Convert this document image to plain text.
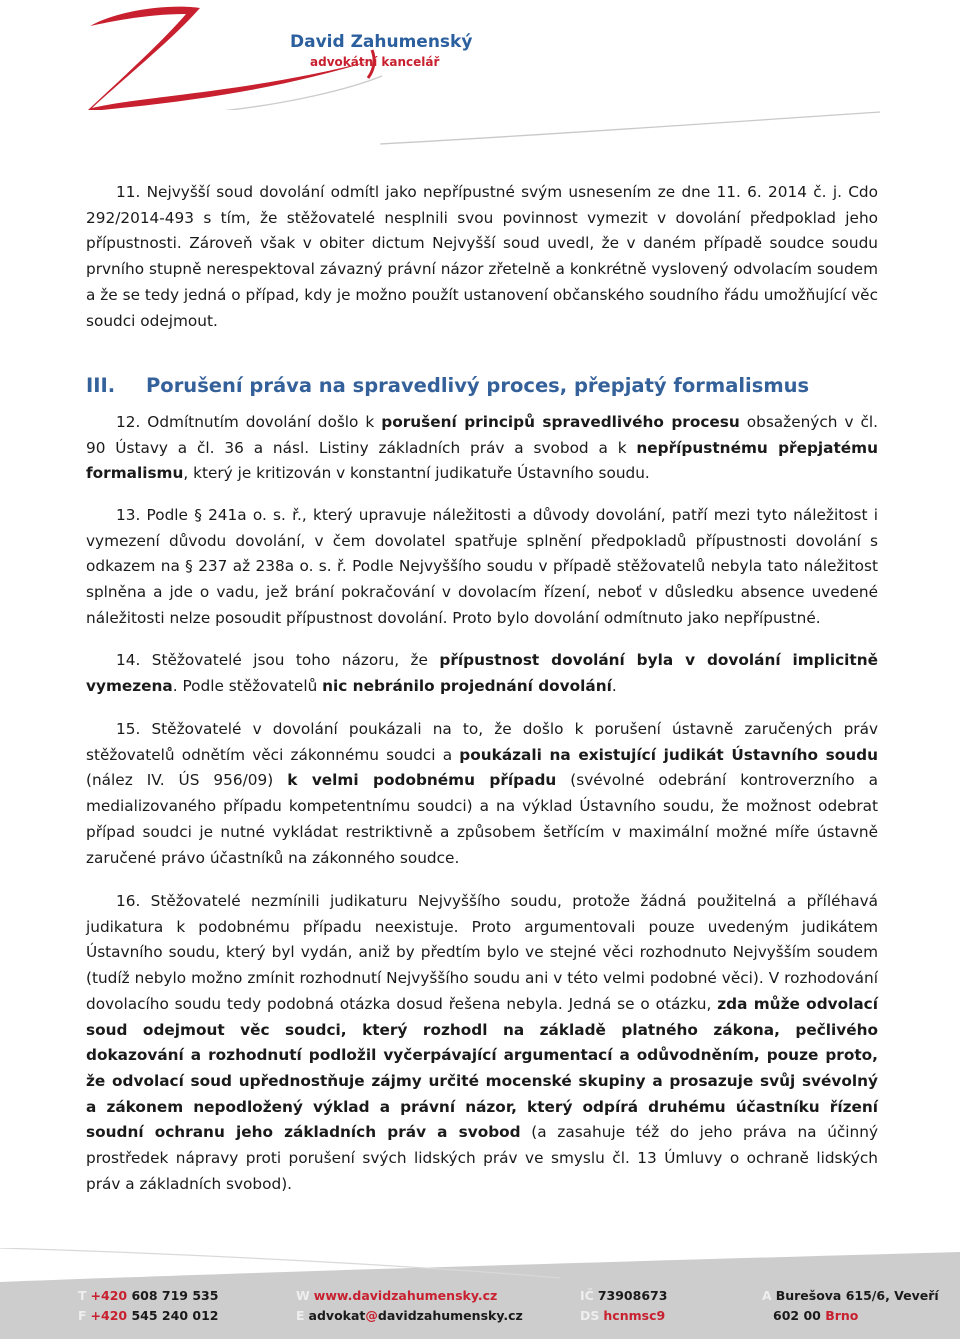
David Zahumenský
advokátní kancelář

11. Nejvyšší soud dovolání odmítl jako nepřípustné svým usnesením ze dne 11. 6. 2014 č. j. Cdo 292/2014-493 s tím, že stěžovatelé nesplnili svou povinnost vymezit v dovolání předpoklad jeho přípustnosti. Zároveň však v obiter dictum Nejvyšší soud uvedl, že v daném případě soudce soudu prvního stupně nerespektoval závazný právní názor zřetelně a konkrétně vyslovený odvolacím soudem a že se tedy jedná o případ, kdy je možno použít ustanovení občanského soudního řádu umožňující věc soudci odejmout.

III. Porušení práva na spravedlivý proces, přepjatý formalismus

12. Odmítnutím dovolání došlo k porušení principů spravedlivého procesu obsažených v čl. 90 Ústavy a čl. 36 a násl. Listiny základních práv a svobod a k nepřípustnému přepjatému formalismu, který je kritizován v konstantní judikatuře Ústavního soudu.

13. Podle § 241a o. s. ř., který upravuje náležitosti a důvody dovolání, patří mezi tyto náležitost i vymezení důvodu dovolání, v čem dovolatel spatřuje splnění předpokladů přípustnosti dovolání s odkazem na § 237 až 238a o. s. ř. Podle Nejvyššího soudu v případě stěžovatelů nebyla tato náležitost splněna a jde o vadu, jež brání pokračování v dovolacím řízení, neboť v důsledku absence uvedené náležitosti nelze posoudit přípustnost dovolání. Proto bylo dovolání odmítnuto jako nepřípustné.

14. Stěžovatelé jsou toho názoru, že přípustnost dovolání byla v dovolání implicitně vymezena. Podle stěžovatelů nic nebránilo projednání dovolání.

15. Stěžovatelé v dovolání poukázali na to, že došlo k porušení ústavně zaručených práv stěžovatelů odnětím věci zákonnému soudci a poukázali na existující judikát Ústavního soudu (nález IV. ÚS 956/09) k velmi podobnému případu (svévolné odebrání kontroverzního a medializovaného případu kompetentnímu soudci) a na výklad Ústavního soudu, že možnost odebrat případ soudci je nutné vykládat restriktivně a způsobem šetřícím v maximální možné míře ústavně zaručené právo účastníků na zákonného soudce.

16. Stěžovatelé nezmínili judikaturu Nejvyššího soudu, protože žádná použitelná a příléhavá judikatura k podobnému případu neexistuje. Proto argumentovali pouze uvedeným judikátem Ústavního soudu, který byl vydán, aniž by předtím bylo ve stejné věci rozhodnuto Nejvyšším soudem (tudíž nebylo možno zmínit rozhodnutí Nejvyššího soudu ani v této velmi podobné věci). V rozhodování dovolacího soudu tedy podobná otázka dosud řešena nebyla. Jedná se o otázku, zda může odvolací soud odejmout věc soudci, který rozhodl na základě platného zákona, pečlivého dokazování a rozhodnutí podložil vyčerpávající argumentací a odůvodněním, pouze proto, že odvolací soud upřednostňuje zájmy určité mocenské skupiny a prosazuje svůj svévolný a zákonem nepodložený výklad a právní názor, který odpírá druhému účastníku řízení soudní ochranu jeho základních práv a svobod (a zasahuje též do jeho práva na účinný prostředek nápravy proti porušení svých lidských práv ve smyslu čl. 13 Úmluvy o ochraně lidských práv a základních svobod).

T +420 608 719 535
F +420 545 240 012
W www.davidzahumensky.cz
E advokat@davidzahumensky.cz
IČ 73908673
DS hcnmsc9
A Burešova 615/6, Veveří
602 00 Brno
